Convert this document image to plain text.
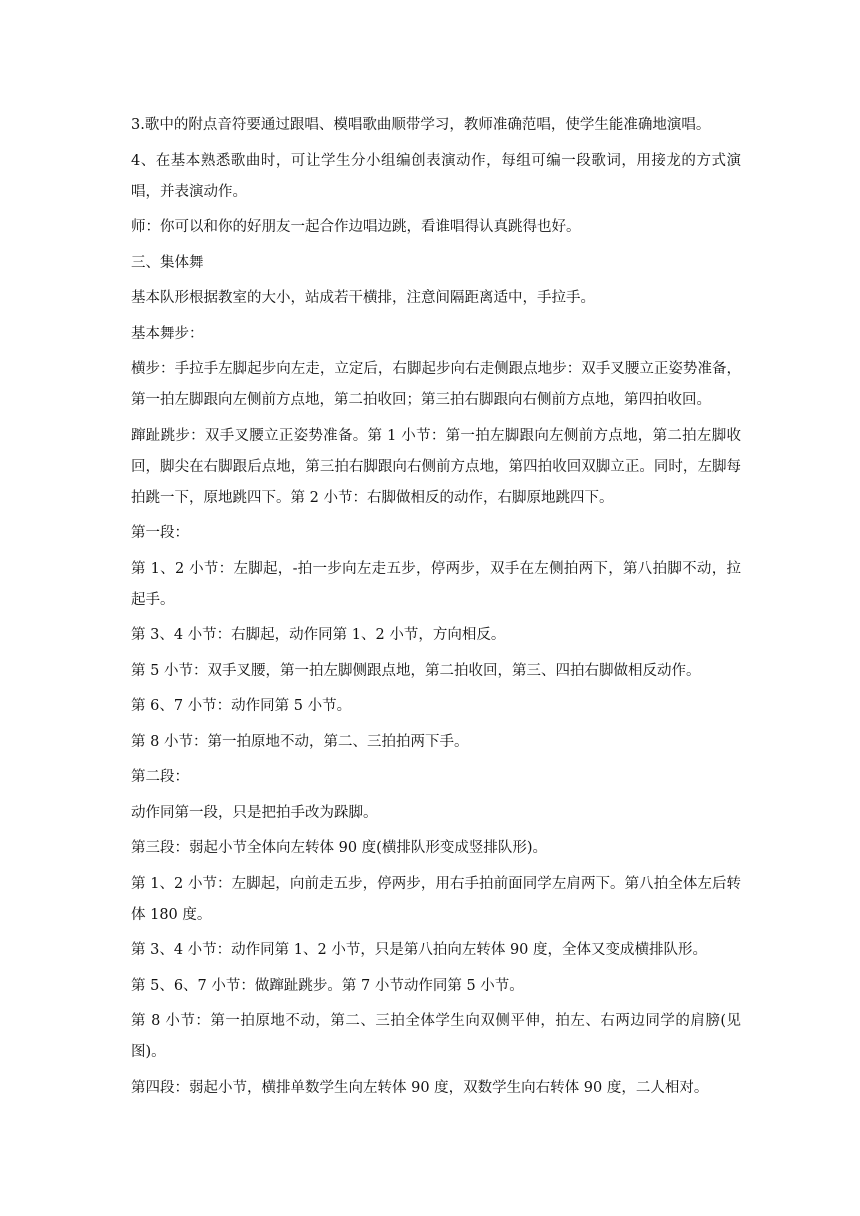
3.歌中的附点音符要通过跟唱、模唱歌曲顺带学习，教师准确范唱，使学生能准确地演唱。

4、在基本熟悉歌曲时，可让学生分小组编创表演动作，每组可编一段歌词，用接龙的方式演唱，并表演动作。

师：你可以和你的好朋友一起合作边唱边跳，看谁唱得认真跳得也好。

三、集体舞

基本队形根据教室的大小，站成若干横排，注意间隔距离适中，手拉手。

基本舞步：

横步：手拉手左脚起步向左走，立定后，右脚起步向右走侧跟点地步：双手叉腰立正姿势准备，第一拍左脚跟向左侧前方点地，第二拍收回；第三拍右脚跟向右侧前方点地，第四拍收回。

蹿趾跳步：双手叉腰立正姿势准备。第 1 小节：第一拍左脚跟向左侧前方点地，第二拍左脚收回，脚尖在右脚跟后点地，第三拍右脚跟向右侧前方点地，第四拍收回双脚立正。同时，左脚每拍跳一下，原地跳四下。第 2 小节：右脚做相反的动作，右脚原地跳四下。

第一段：

第 1、2 小节：左脚起，-拍一步向左走五步，停两步，双手在左侧拍两下，第八拍脚不动，拉起手。

第 3、4 小节：右脚起，动作同第 1、2 小节，方向相反。

第 5 小节：双手叉腰，第一拍左脚侧跟点地，第二拍收回，第三、四拍右脚做相反动作。

第 6、7 小节：动作同第 5 小节。

第 8 小节：第一拍原地不动，第二、三拍拍两下手。

第二段：

动作同第一段，只是把拍手改为跺脚。

第三段：弱起小节全体向左转体 90 度(横排队形变成竖排队形)。

第 1、2 小节：左脚起，向前走五步，停两步，用右手拍前面同学左肩两下。第八拍全体左后转体 180 度。

第 3、4 小节：动作同第 1、2 小节，只是第八拍向左转体 90 度，全体又变成横排队形。

第 5、6、7 小节：做蹿趾跳步。第 7 小节动作同第 5 小节。

第 8 小节：第一拍原地不动，第二、三拍全体学生向双侧平伸，拍左、右两边同学的肩膀(见图)。

第四段：弱起小节，横排单数学生向左转体 90 度，双数学生向右转体 90 度，二人相对。
